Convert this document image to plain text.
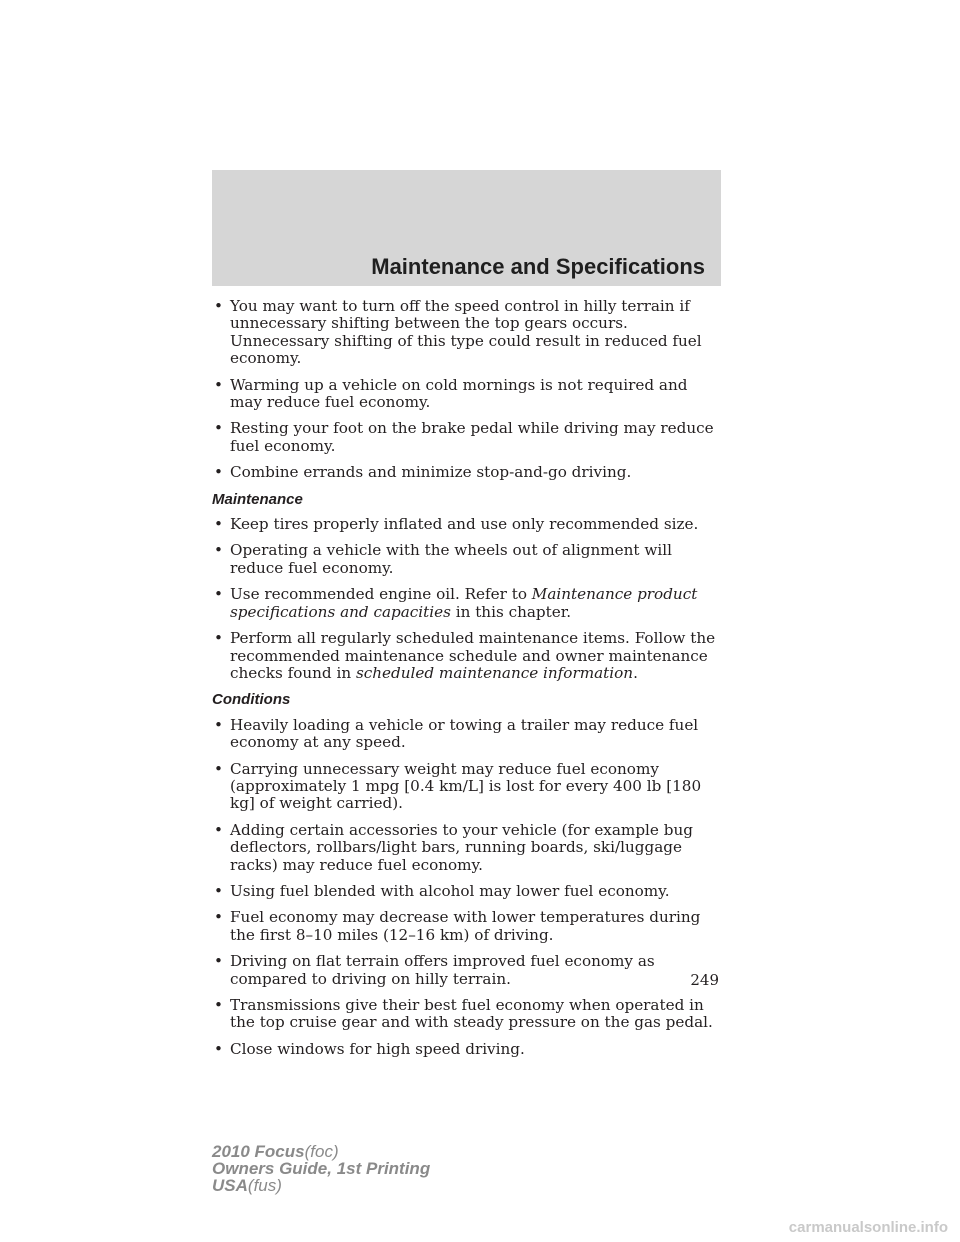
Maintenance and Specifications
• You may want to turn off the speed control in hilly terrain if unnecessary shifting between the top gears occurs. Unnecessary shifting of this type could result in reduced fuel economy.
• Warming up a vehicle on cold mornings is not required and may reduce fuel economy.
• Resting your foot on the brake pedal while driving may reduce fuel economy.
• Combine errands and minimize stop-and-go driving.
Maintenance
• Keep tires properly inflated and use only recommended size.
• Operating a vehicle with the wheels out of alignment will reduce fuel economy.
• Use recommended engine oil. Refer to Maintenance product specifications and capacities in this chapter.
• Perform all regularly scheduled maintenance items. Follow the recommended maintenance schedule and owner maintenance checks found in scheduled maintenance information.
Conditions
• Heavily loading a vehicle or towing a trailer may reduce fuel economy at any speed.
• Carrying unnecessary weight may reduce fuel economy (approximately 1 mpg [0.4 km/L] is lost for every 400 lb [180 kg] of weight carried).
• Adding certain accessories to your vehicle (for example bug deflectors, rollbars/light bars, running boards, ski/luggage racks) may reduce fuel economy.
• Using fuel blended with alcohol may lower fuel economy.
• Fuel economy may decrease with lower temperatures during the first 8–10 miles (12–16 km) of driving.
• Driving on flat terrain offers improved fuel economy as compared to driving on hilly terrain.
• Transmissions give their best fuel economy when operated in the top cruise gear and with steady pressure on the gas pedal.
• Close windows for high speed driving.
249
2010 Focus(foc)
Owners Guide, 1st Printing
USA(fus)
carmanualsonline.info
